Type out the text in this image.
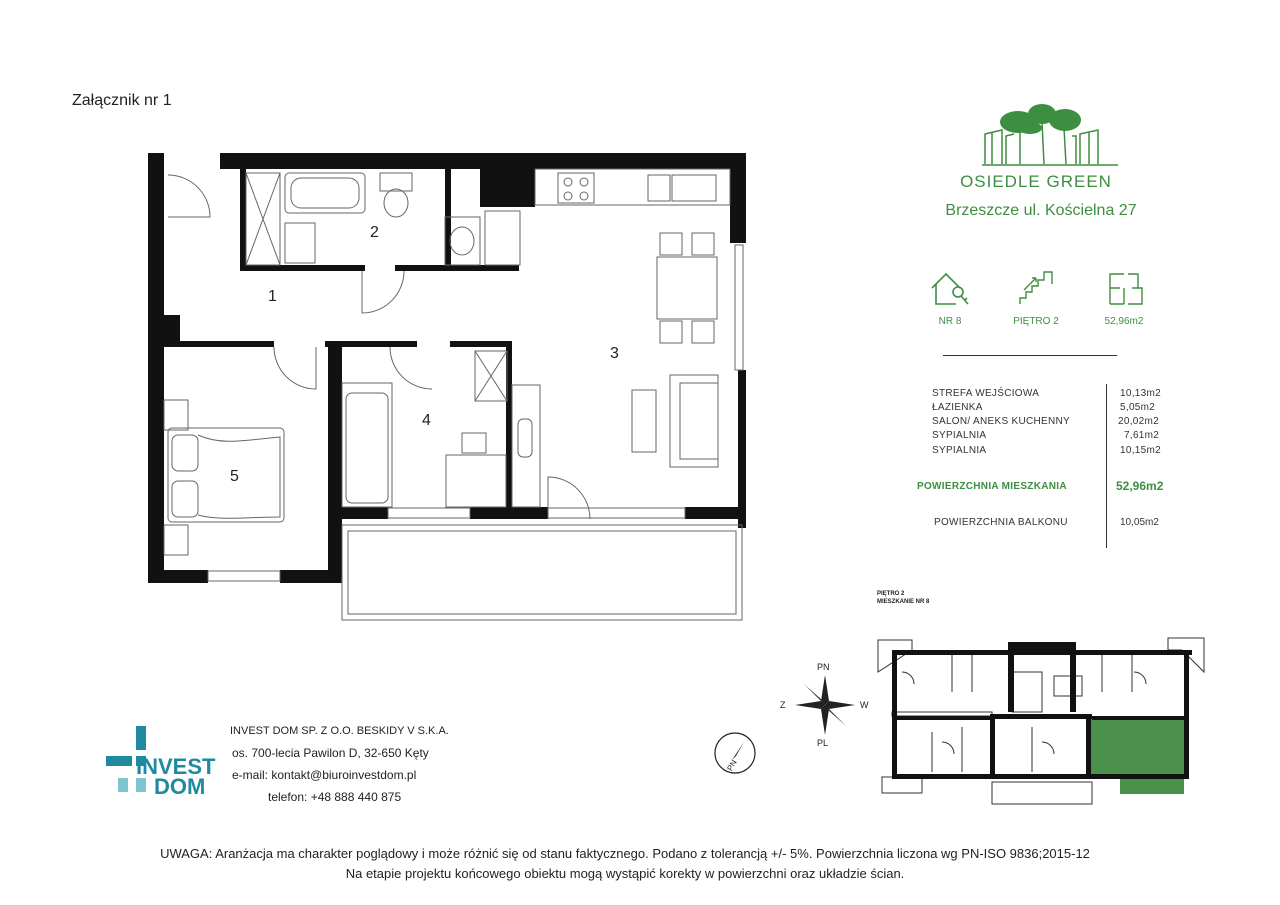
Załącznik nr 1
1
2
3
4
5
OSIEDLE GREEN
Brzeszcze ul. Kościelna 27
NR 8	PIĘTRO 2	52,96m2
STREFA WEJŚCIOWA	10,13m2
ŁAZIENKA	5,05m2
SALON/ ANEKS KUCHENNY	20,02m2
SYPIALNIA	7,61m2
SYPIALNIA	10,15m2
POWIERZCHNIA MIESZKANIA	52,96m2
POWIERZCHNIA BALKONU	10,05m2
PIĘTRO 2
MIESZKANIE NR 8
PN
PL
Z	W
PN
INVEST
DOM
INVEST DOM SP. Z O.O. BESKIDY V S.K.A.
os. 700-lecia Pawilon D, 32-650 Kęty
e-mail: kontakt@biuroinvestdom.pl
telefon: +48 888 440 875
UWAGA: Aranżacja ma charakter poglądowy i może różnić się od stanu faktycznego. Podano z tolerancją +/- 5%. Powierzchnia liczona wg PN-ISO 9836;2015-12
Na etapie projektu końcowego obiektu mogą wystąpić korekty w powierzchni oraz układzie ścian.
